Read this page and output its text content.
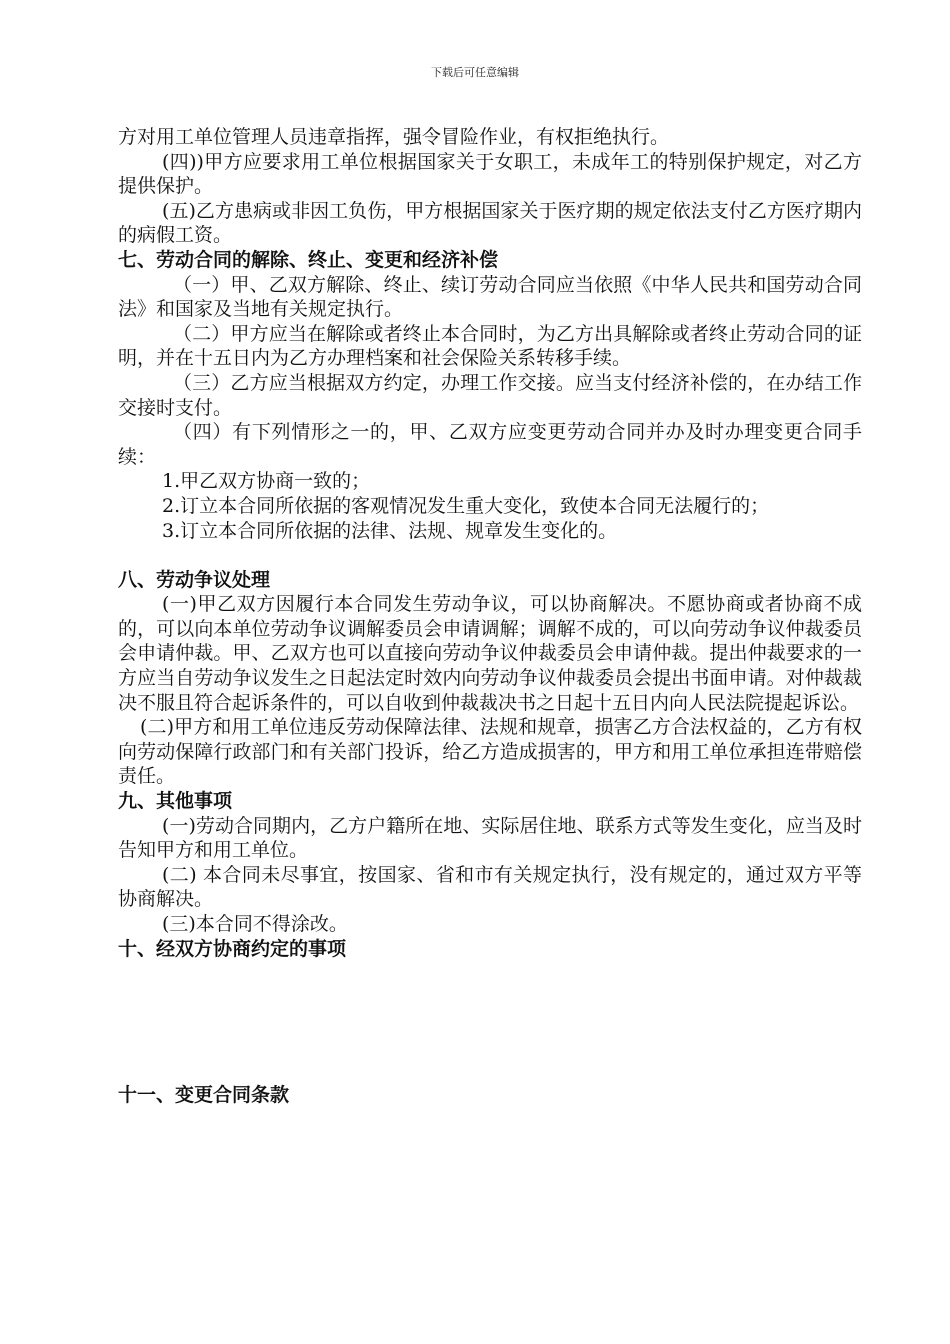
下载后可任意编辑

方对用工单位管理人员违章指挥，强令冒险作业，有权拒绝执行。

(四))甲方应要求用工单位根据国家关于女职工，未成年工的特别保护规定，对乙方提供保护。

(五)乙方患病或非因工负伤，甲方根据国家关于医疗期的规定依法支付乙方医疗期内的病假工资。

七、劳动合同的解除、终止、变更和经济补偿

（一）甲、乙双方解除、终止、续订劳动合同应当依照《中华人民共和国劳动合同法》和国家及当地有关规定执行。

（二）甲方应当在解除或者终止本合同时，为乙方出具解除或者终止劳动合同的证明，并在十五日内为乙方办理档案和社会保险关系转移手续。

（三）乙方应当根据双方约定，办理工作交接。应当支付经济补偿的，在办结工作交接时支付。

（四）有下列情形之一的，甲、乙双方应变更劳动合同并办及时办理变更合同手续：

1.甲乙双方协商一致的；

2.订立本合同所依据的客观情况发生重大变化，致使本合同无法履行的；

3.订立本合同所依据的法律、法规、规章发生变化的。

八、劳动争议处理

(一)甲乙双方因履行本合同发生劳动争议，可以协商解决。不愿协商或者协商不成的，可以向本单位劳动争议调解委员会申请调解；调解不成的，可以向劳动争议仲裁委员会申请仲裁。甲、乙双方也可以直接向劳动争议仲裁委员会申请仲裁。提出仲裁要求的一方应当自劳动争议发生之日起法定时效内向劳动争议仲裁委员会提出书面申请。对仲裁裁决不服且符合起诉条件的，可以自收到仲裁裁决书之日起十五日内向人民法院提起诉讼。

(二)甲方和用工单位违反劳动保障法律、法规和规章，损害乙方合法权益的，乙方有权向劳动保障行政部门和有关部门投诉，给乙方造成损害的，甲方和用工单位承担连带赔偿责任。

九、其他事项

(一)劳动合同期内，乙方户籍所在地、实际居住地、联系方式等发生变化，应当及时告知甲方和用工单位。

(二) 本合同未尽事宜，按国家、省和市有关规定执行，没有规定的，通过双方平等协商解决。

(三)本合同不得涂改。

十、经双方协商约定的事项

十一、变更合同条款
